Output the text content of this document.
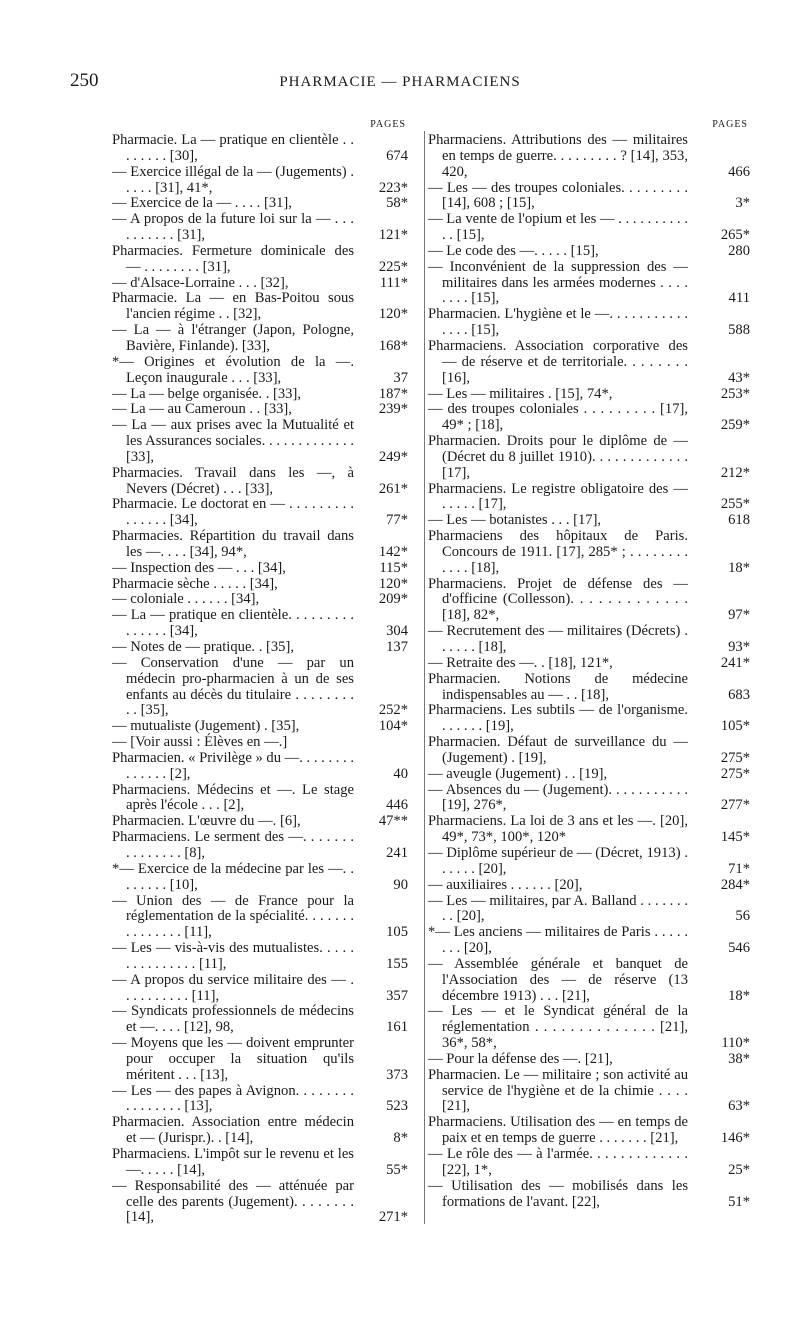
250	PHARMACIE — PHARMACIENS
PAGES
Pharmacie. La — pratique en clientèle . . . . . . . . [30],	674
— Exercice illégal de la — (Jugements) . . . . . [31], 41*,	223*
— Exercice de la — . . . . [31],	58*
— A propos de la future loi sur la — . . . . . . . . . . [31],	121*
Pharmacies. Fermeture dominicale des — . . . . . . . . [31],	225*
— d'Alsace-Lorraine . . . [32],	111*
Pharmacie. La — en Bas-Poitou sous l'ancien régime . . [32],	120*
— La — à l'étranger (Japon, Pologne, Bavière, Finlande). [33],	168*
*— Origines et évolution de la —. Leçon inaugurale . . . [33],	37
— La — belge organisée. . [33],	187*
— La — au Cameroun . . [33],	239*
— La — aux prises avec la Mutualité et les Assurances sociales. . . . . . . . . . . . . [33],	249*
Pharmacies. Travail dans les —, à Nevers (Décret) . . . [33],	261*
Pharmacie. Le doctorat en — . . . . . . . . . . . . . . . [34],	77*
Pharmacies. Répartition du travail dans les —. . . . [34], 94*,	142*
— Inspection des — . . . [34],	115*
Pharmacie sèche . . . . . [34],	120*
— coloniale . . . . . . [34],	209*
— La — pratique en clientèle. . . . . . . . . . . . . . . [34],	304
— Notes de — pratique. . [35],	137
— Conservation d'une — par un médecin pro-pharmacien à un de ses enfants au décès du titulaire . . . . . . . . . . [35],	252*
— mutualiste (Jugement) . [35],	104*
— [Voir aussi : Élèves en —.]
Pharmacien. « Privilège » du —. . . . . . . . . . . . . . [2],	40
Pharmaciens. Médecins et —. Le stage après l'école . . . [2],	446
Pharmacien. L'œuvre du —. [6],	47**
Pharmaciens. Le serment des —. . . . . . . . . . . . . . . [8],	241
*— Exercice de la médecine par les —. . . . . . . . [10],	90
— Union des — de France pour la réglementation de la spécialité. . . . . . . . . . . . . . . [11],	105
— Les — vis-à-vis des mutualistes. . . . . . . . . . . . . . . [11],	155
— A propos du service militaire des — . . . . . . . . . . [11],	357
— Syndicats professionnels de médecins et —. . . . [12], 98,	161
— Moyens que les — doivent emprunter pour occuper la situation qu'ils méritent . . . [13],	373
— Les — des papes à Avignon. . . . . . . . . . . . . . . . [13],	523
Pharmacien. Association entre médecin et — (Jurispr.). . [14],	8*
Pharmaciens. L'impôt sur le revenu et les —. . . . . [14],	55*
— Responsabilité des — atténuée par celle des parents (Jugement). . . . . . . . [14],	271*
PAGES
Pharmaciens. Attributions des — militaires en temps de guerre. . . . . . . . . ? [14], 353, 420,	466
— Les — des troupes coloniales. . . . . . . . . [14], 608 ; [15],	3*
— La vente de l'opium et les — . . . . . . . . . . . . [15],	265*
— Le code des —. . . . . [15],	280
— Inconvénient de la suppression des — militaires dans les armées modernes . . . . . . . . [15],	411
Pharmacien. L'hygiène et le —. . . . . . . . . . . . . . . [15],	588
Pharmaciens. Association corporative des — de réserve et de territoriale. . . . . . . . [16],	43*
— Les — militaires . [15], 74*,	253*
— des troupes coloniales . . . . . . . . . [17], 49* ; [18],	259*
Pharmacien. Droits pour le diplôme de — (Décret du 8 juillet 1910). . . . . . . . . . . . . [17],	212*
Pharmaciens. Le registre obligatoire des — . . . . . [17],	255*
— Les — botanistes . . . [17],	618
Pharmaciens des hôpitaux de Paris. Concours de 1911. [17], 285* ; . . . . . . . . . . . . [18],	18*
Pharmaciens. Projet de défense des — d'officine (Collesson). . . . . . . . . . . . . [18], 82*,	97*
— Recrutement des — militaires (Décrets) . . . . . . [18],	93*
— Retraite des —. . [18], 121*,	241*
Pharmacien. Notions de médecine indispensables au — . . [18],	683
Pharmaciens. Les subtils — de l'organisme. . . . . . . [19],	105*
Pharmacien. Défaut de surveillance du — (Jugement) . [19],	275*
— aveugle (Jugement) . . [19],	275*
— Absences du — (Jugement). . . . . . . . . . . [19], 276*,	277*
Pharmaciens. La loi de 3 ans et les —. [20], 49*, 73*, 100*, 120*	145*
— Diplôme supérieur de — (Décret, 1913) . . . . . . [20],	71*
— auxiliaires . . . . . . [20],	284*
— Les — militaires, par A. Balland . . . . . . . . . [20],	56
*— Les anciens — militaires de Paris . . . . . . . . [20],	546
— Assemblée générale et banquet de l'Association des — de réserve (13 décembre 1913) . . . [21],	18*
— Les — et le Syndicat général de la réglementation . . . . . . . . . . . . . . [21], 36*, 58*,	110*
— Pour la défense des —. [21],	38*
Pharmacien. Le — militaire ; son activité au service de l'hygiène et de la chimie . . . . [21],	63*
Pharmaciens. Utilisation des — en temps de paix et en temps de guerre . . . . . . . [21],	146*
— Le rôle des — à l'armée. . . . . . . . . . . . . [22], 1*,	25*
— Utilisation des — mobilisés dans les formations de l'avant. [22],	51*
